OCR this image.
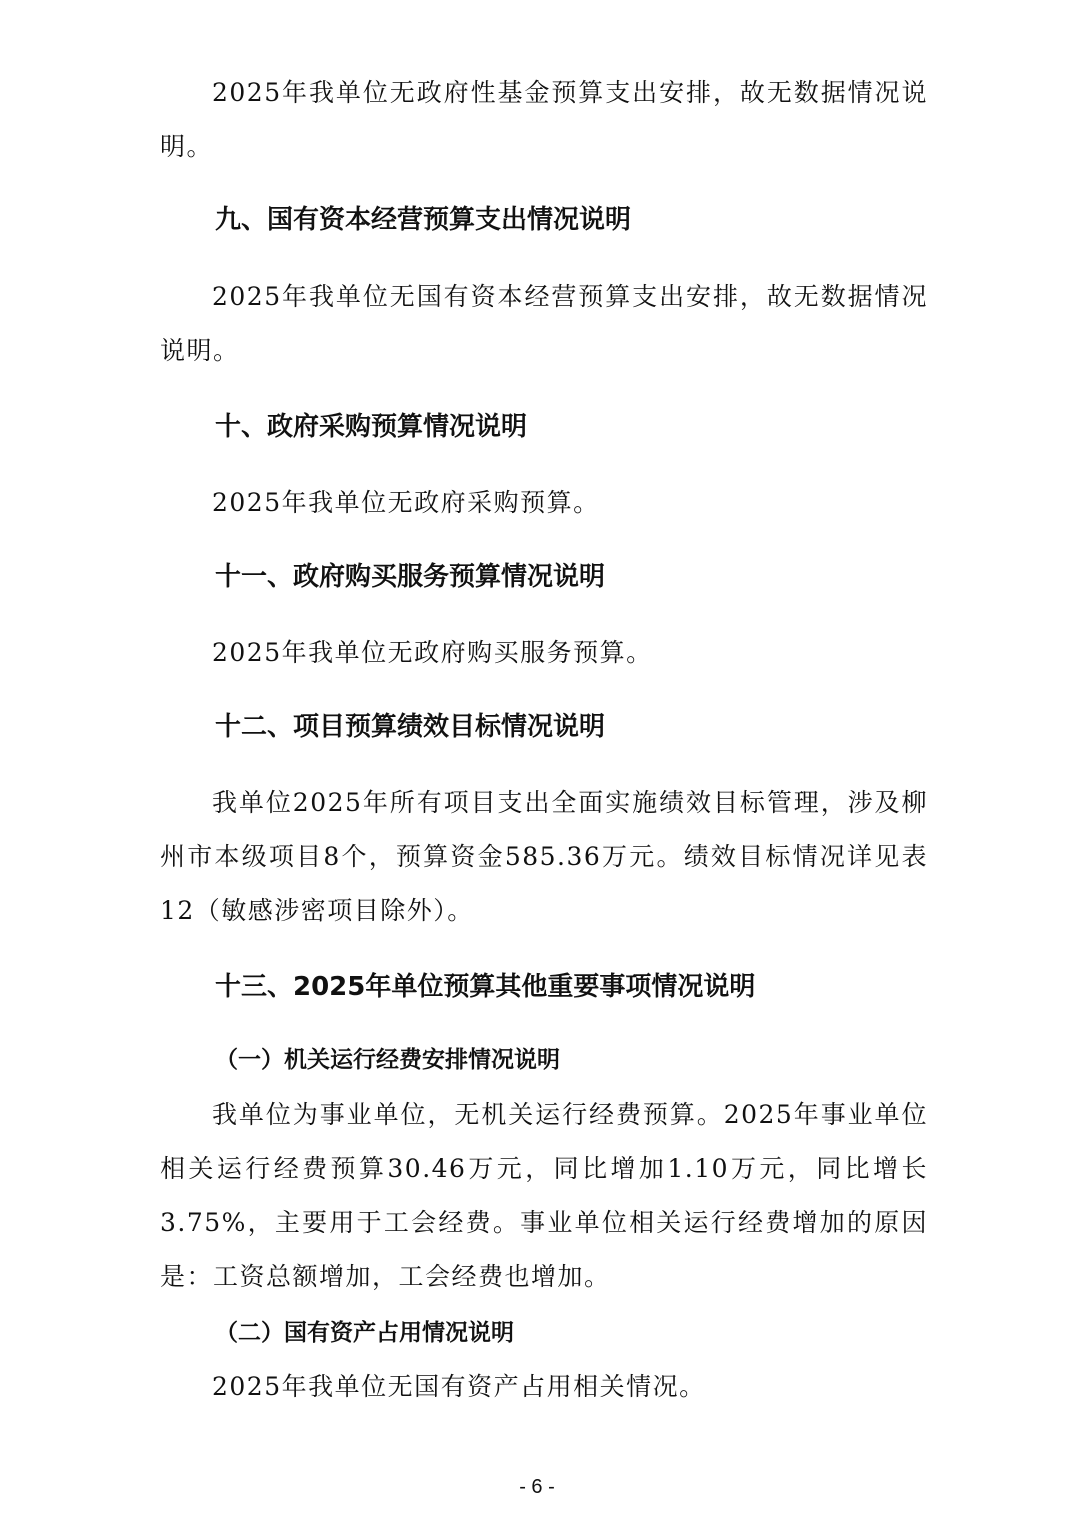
2025年我单位无政府性基金预算支出安排，故无数据情况说明。

九、国有资本经营预算支出情况说明

2025年我单位无国有资本经营预算支出安排，故无数据情况说明。

十、政府采购预算情况说明

2025年我单位无政府采购预算。

十一、政府购买服务预算情况说明

2025年我单位无政府购买服务预算。

十二、项目预算绩效目标情况说明

我单位2025年所有项目支出全面实施绩效目标管理，涉及柳州市本级项目8个，预算资金585.36万元。绩效目标情况详见表12（敏感涉密项目除外）。

十三、2025年单位预算其他重要事项情况说明
（一）机关运行经费安排情况说明

我单位为事业单位，无机关运行经费预算。2025年事业单位相关运行经费预算30.46万元，同比增加1.10万元，同比增长3.75%，主要用于工会经费。事业单位相关运行经费增加的原因是：工资总额增加，工会经费也增加。

（二）国有资产占用情况说明

2025年我单位无国有资产占用相关情况。

- 6 -
